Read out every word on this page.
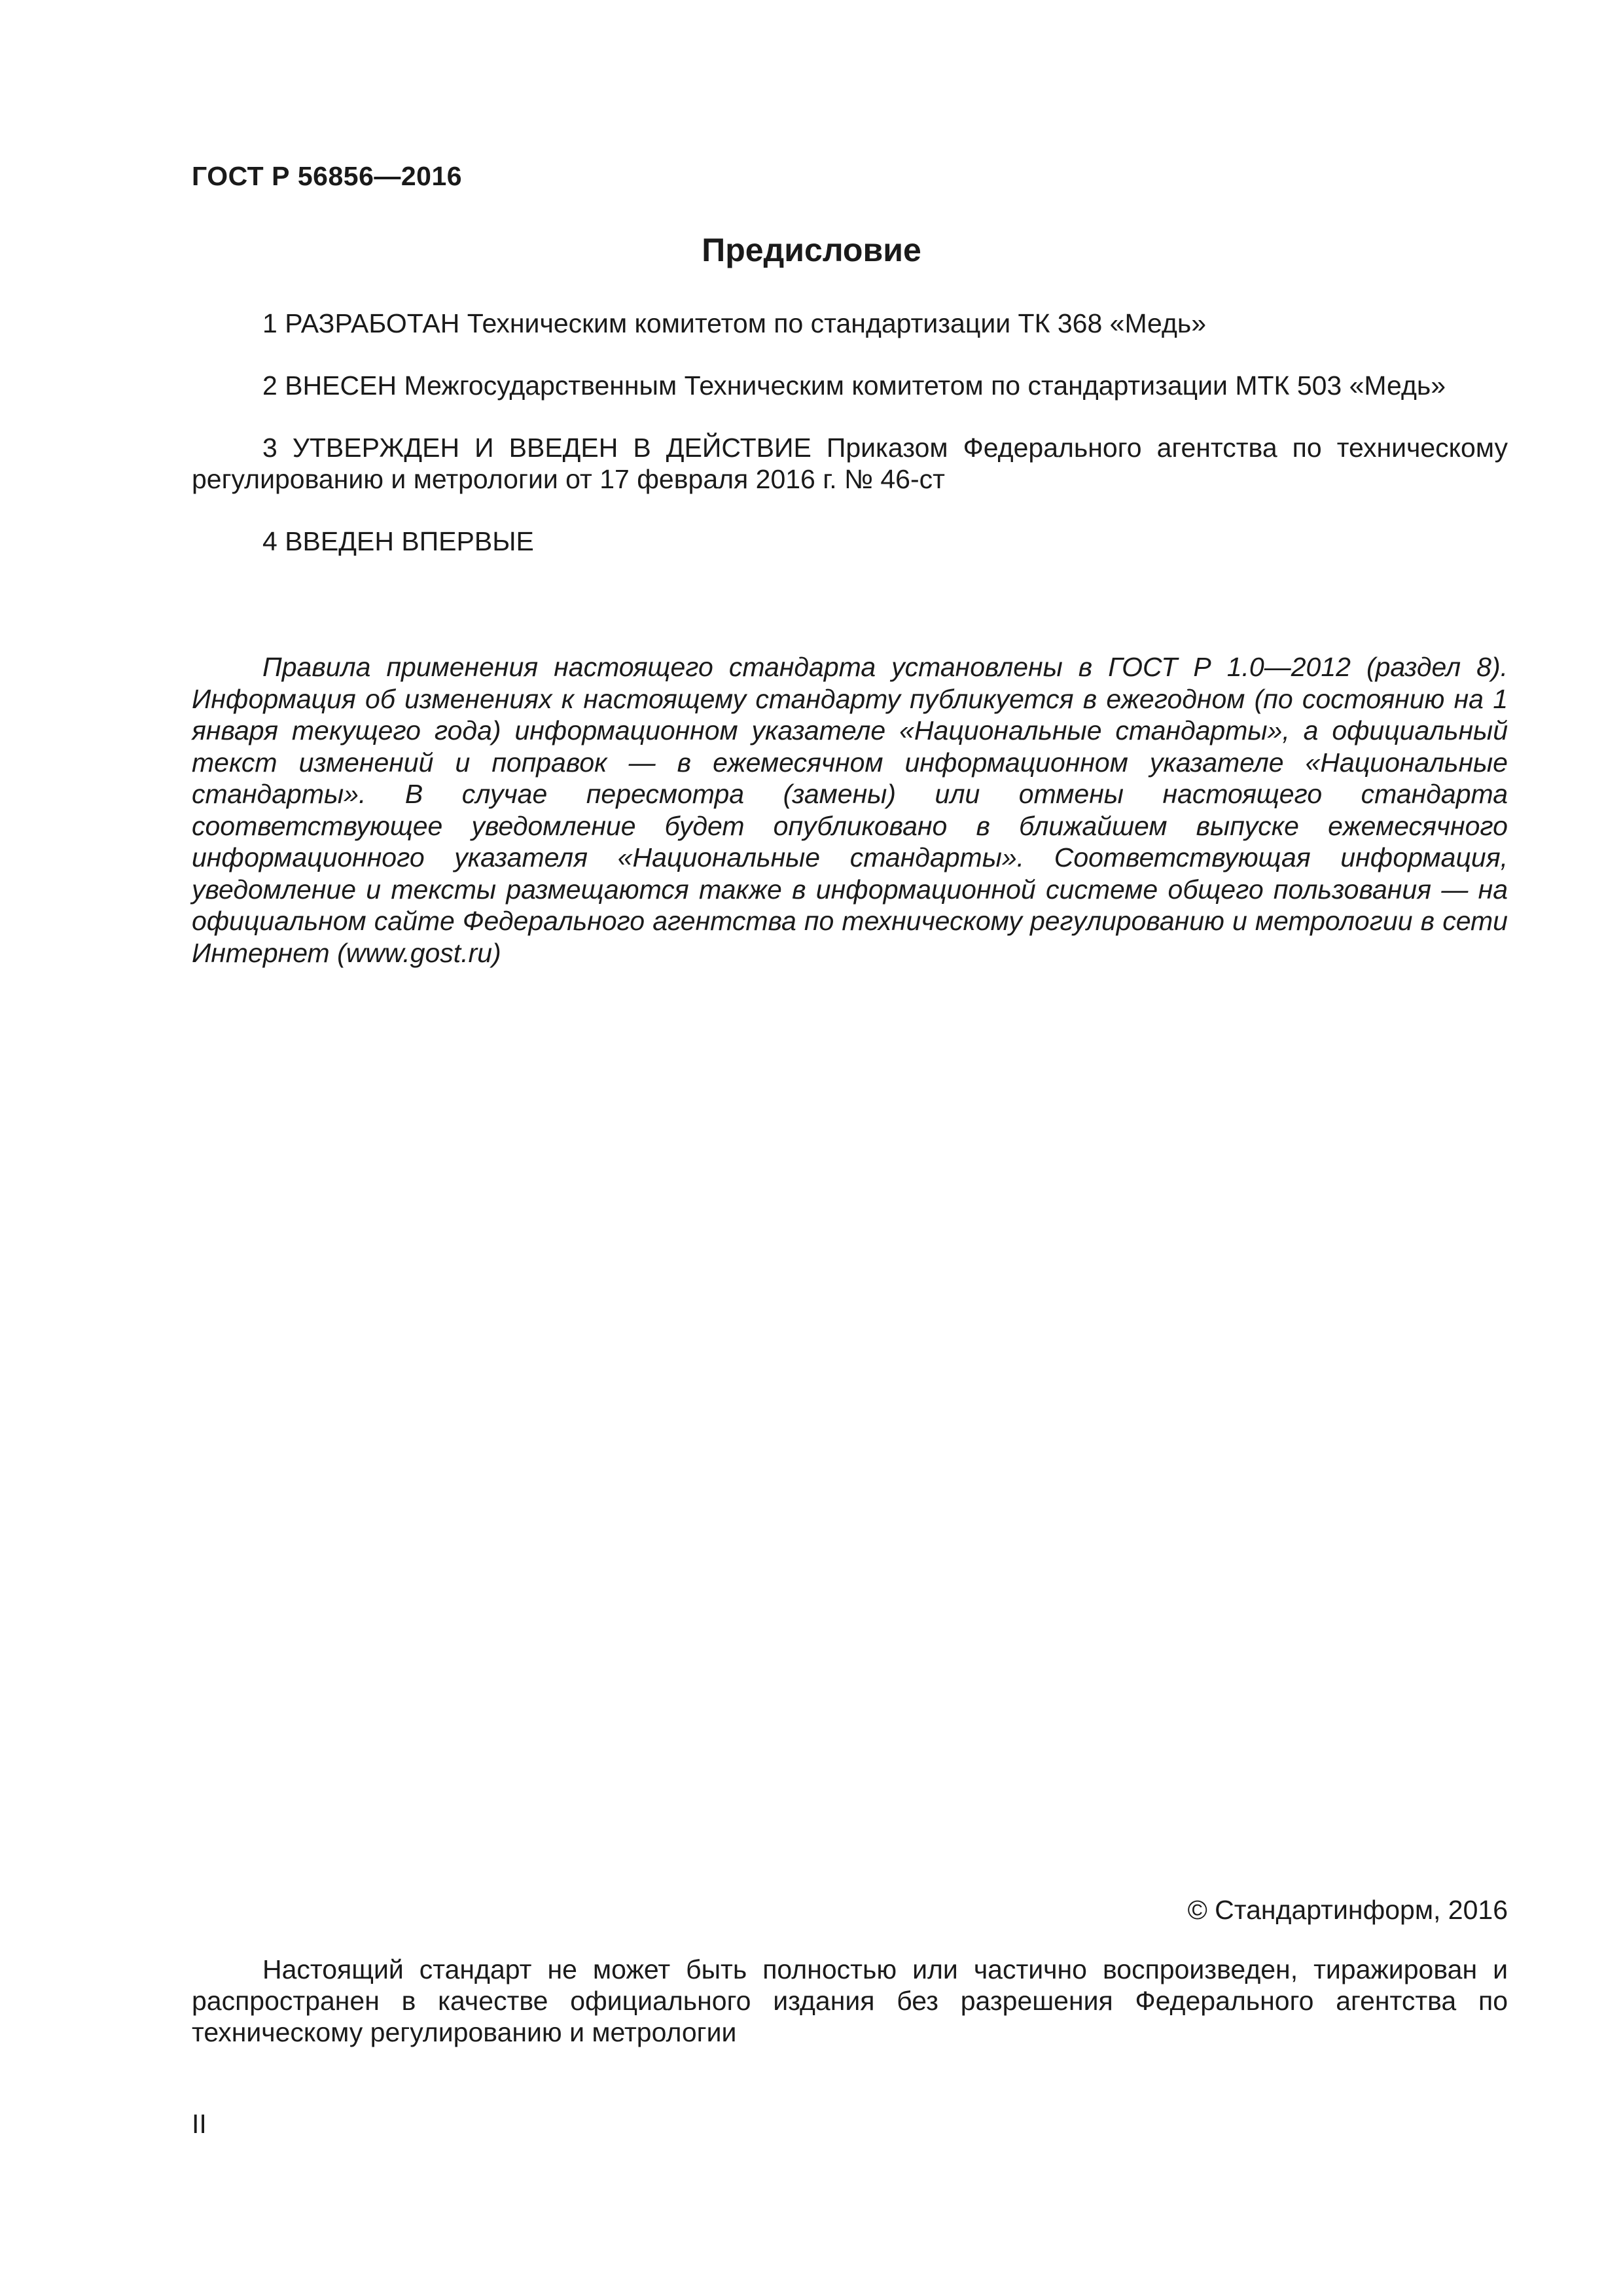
ГОСТ Р 56856—2016
Предисловие

1 РАЗРАБОТАН Техническим комитетом по стандартизации ТК 368 «Медь»

2 ВНЕСЕН Межгосударственным Техническим комитетом по стандартизации МТК 503 «Медь»

3 УТВЕРЖДЕН И ВВЕДЕН В ДЕЙСТВИЕ Приказом Федерального агентства по техническому регулированию и метрологии от 17 февраля 2016 г. № 46-ст

4 ВВЕДЕН ВПЕРВЫЕ

Правила применения настоящего стандарта установлены в ГОСТ Р 1.0—2012 (раздел 8). Информация об изменениях к настоящему стандарту публикуется в ежегодном (по состоянию на 1 января текущего года) информационном указателе «Национальные стандарты», а официальный текст изменений и поправок — в ежемесячном информационном указателе «Национальные стандарты». В случае пересмотра (замены) или отмены настоящего стандарта соответствующее уведомление будет опубликовано в ближайшем выпуске ежемесячного информационного указателя «Национальные стандарты». Соответствующая информация, уведомление и тексты размещаются также в информационной системе общего пользования — на официальном сайте Федерального агентства по техническому регулированию и метрологии в сети Интернет (www.gost.ru)

© Стандартинформ, 2016

Настоящий стандарт не может быть полностью или частично воспроизведен, тиражирован и распространен в качестве официального издания без разрешения Федерального агентства по техническому регулированию и метрологии

II
